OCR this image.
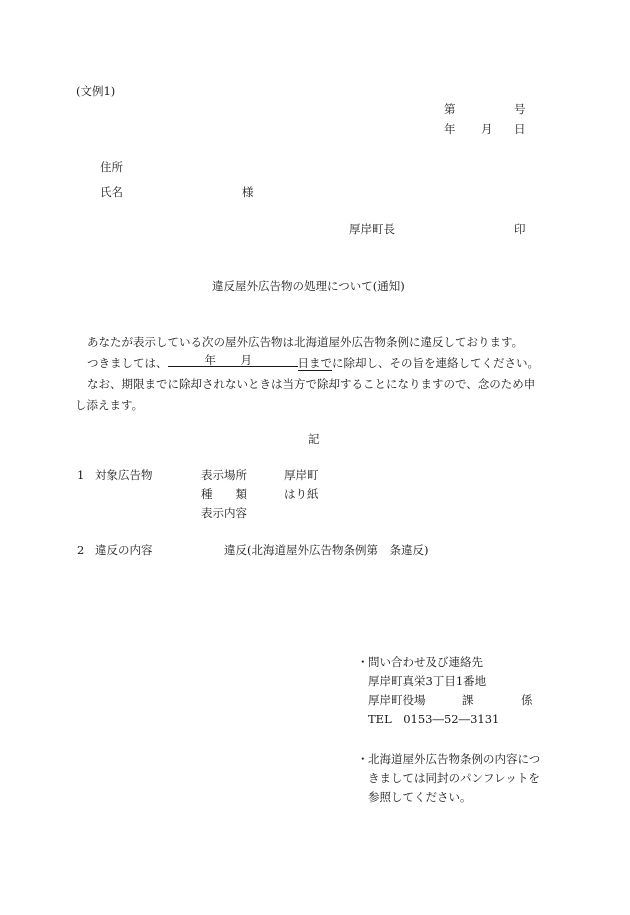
(文例1)
第	号
年 月 日
住所
氏名	様
厚岸町長	印
違反屋外広告物の処理について(通知)
あなたが表示している次の屋外広告物は北海道屋外広告物条例に違反しております。
つきましては、	年 月	日までに除却し、その旨を連絡してください。
なお、期限までに除却されないときは当方で除却することになりますので、念のため申
し添えます。
記
1 対象広告物	表示場所	厚岸町
種　　類	はり紙
表示内容
2 違反の内容	違反(北海道屋外広告物条例第　条違反)
・ 問い合わせ及び連絡先
厚岸町真栄3丁目1番地
厚岸町役場	課	係
TEL　0153―52―3131
・ 北海道屋外広告物条例の内容につ
きましては同封のパンフレットを
参照してください。
